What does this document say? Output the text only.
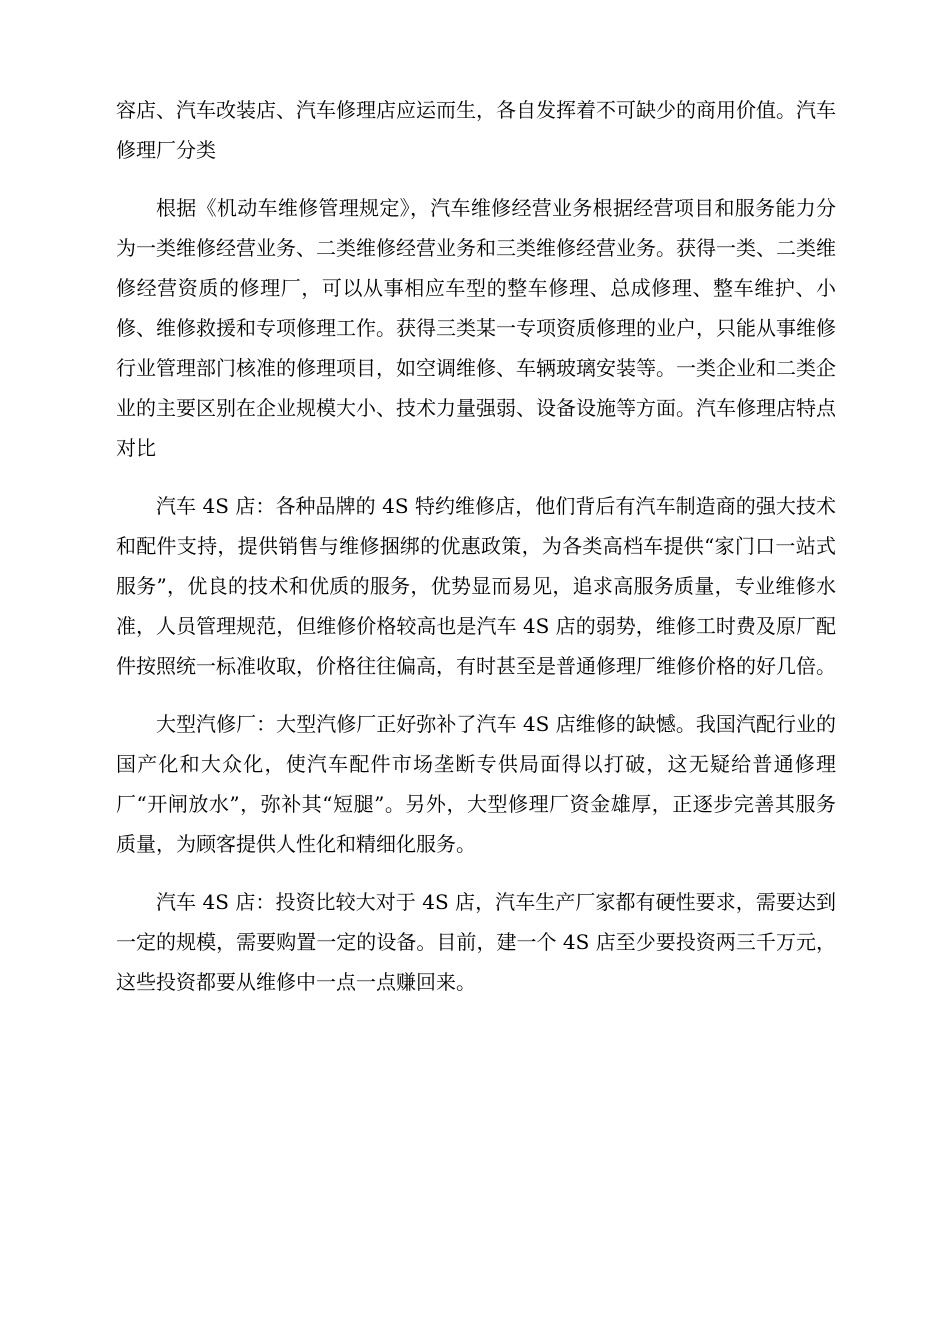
容店、汽车改装店、汽车修理店应运而生，各自发挥着不可缺少的商用价值。汽车修理厂分类

根据《机动车维修管理规定》，汽车维修经营业务根据经营项目和服务能力分为一类维修经营业务、二类维修经营业务和三类维修经营业务。获得一类、二类维修经营资质的修理厂，可以从事相应车型的整车修理、总成修理、整车维护、小修、维修救援和专项修理工作。获得三类某一专项资质修理的业户，只能从事维修行业管理部门核准的修理项目，如空调维修、车辆玻璃安装等。一类企业和二类企业的主要区别在企业规模大小、技术力量强弱、设备设施等方面。汽车修理店特点对比

汽车 4S 店：各种品牌的 4S 特约维修店，他们背后有汽车制造商的强大技术和配件支持，提供销售与维修捆绑的优惠政策，为各类高档车提供“家门口一站式服务”，优良的技术和优质的服务，优势显而易见，追求高服务质量，专业维修水准，人员管理规范，但维修价格较高也是汽车 4S 店的弱势，维修工时费及原厂配件按照统一标准收取，价格往往偏高，有时甚至是普通修理厂维修价格的好几倍。

大型汽修厂：大型汽修厂正好弥补了汽车 4S 店维修的缺憾。我国汽配行业的国产化和大众化，使汽车配件市场垄断专供局面得以打破，这无疑给普通修理厂“开闸放水”，弥补其“短腿”。另外，大型修理厂资金雄厚，正逐步完善其服务质量，为顾客提供人性化和精细化服务。

汽车 4S 店：投资比较大对于 4S 店，汽车生产厂家都有硬性要求，需要达到一定的规模，需要购置一定的设备。目前，建一个 4S 店至少要投资两三千万元，这些投资都要从维修中一点一点赚回来。
